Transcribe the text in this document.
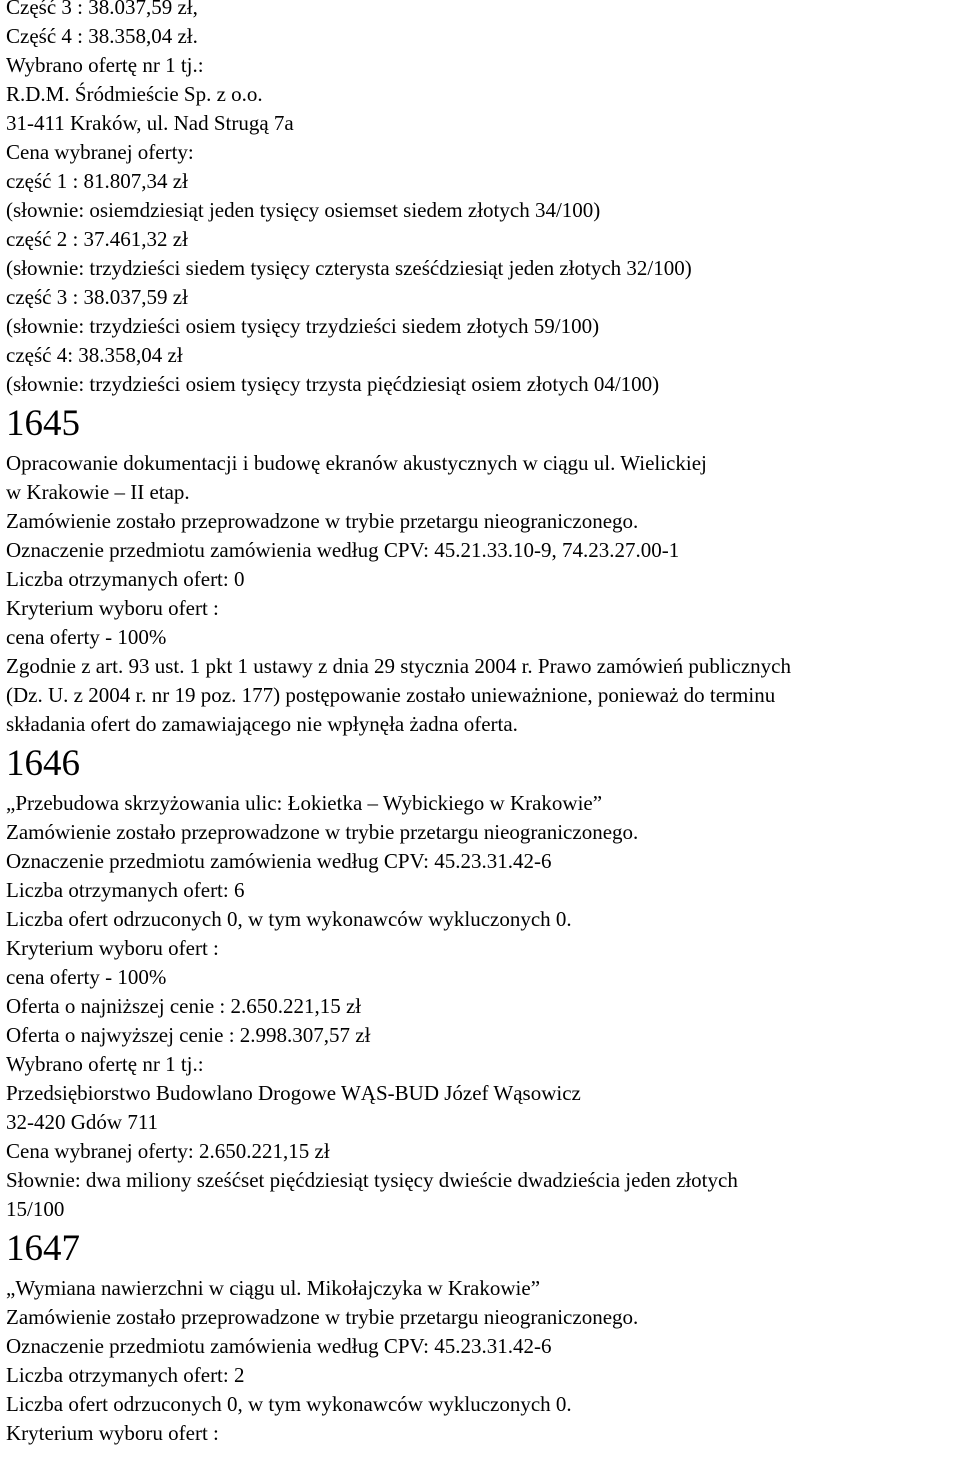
Część 3 : 38.037,59 zł,
Część 4 : 38.358,04 zł.
Wybrano ofertę nr 1 tj.:
R.D.M. Śródmieście Sp. z o.o.
31-411 Kraków, ul. Nad Strugą 7a
Cena wybranej oferty:
część 1 : 81.807,34 zł
(słownie: osiemdziesiąt jeden tysięcy osiemset siedem złotych 34/100)
część 2 : 37.461,32 zł
(słownie: trzydzieści siedem tysięcy czterysta sześćdziesiąt jeden złotych 32/100)
część 3 : 38.037,59 zł
(słownie: trzydzieści osiem tysięcy trzydzieści siedem złotych 59/100)
część 4: 38.358,04 zł
(słownie: trzydzieści osiem tysięcy trzysta pięćdziesiąt osiem złotych 04/100)
1645
Opracowanie dokumentacji i budowę ekranów akustycznych w ciągu ul. Wielickiej
w Krakowie – II etap.
Zamówienie zostało przeprowadzone w trybie przetargu nieograniczonego.
Oznaczenie przedmiotu zamówienia według CPV: 45.21.33.10-9, 74.23.27.00-1
Liczba otrzymanych ofert: 0
Kryterium wyboru ofert :
cena oferty - 100%
Zgodnie z art. 93 ust. 1 pkt 1 ustawy z dnia 29 stycznia 2004 r. Prawo zamówień publicznych
(Dz. U. z 2004 r. nr 19 poz. 177) postępowanie zostało unieważnione, ponieważ do terminu
składania ofert do zamawiającego nie wpłynęła żadna oferta.
1646
„Przebudowa skrzyżowania ulic: Łokietka – Wybickiego w Krakowie”
Zamówienie zostało przeprowadzone w trybie przetargu nieograniczonego.
Oznaczenie przedmiotu zamówienia według CPV: 45.23.31.42-6
Liczba otrzymanych ofert: 6
Liczba ofert odrzuconych 0, w tym wykonawców wykluczonych 0.
Kryterium wyboru ofert :
cena oferty - 100%
Oferta o najniższej cenie : 2.650.221,15 zł
Oferta o najwyższej cenie : 2.998.307,57 zł
Wybrano ofertę nr 1 tj.:
Przedsiębiorstwo Budowlano Drogowe WĄS-BUD Józef Wąsowicz
32-420 Gdów 711
Cena wybranej oferty: 2.650.221,15 zł
Słownie: dwa miliony sześćset pięćdziesiąt tysięcy dwieście dwadzieścia jeden złotych
15/100
1647
„Wymiana nawierzchni w ciągu ul. Mikołajczyka w Krakowie”
Zamówienie zostało przeprowadzone w trybie przetargu nieograniczonego.
Oznaczenie przedmiotu zamówienia według CPV: 45.23.31.42-6
Liczba otrzymanych ofert: 2
Liczba ofert odrzuconych 0, w tym wykonawców wykluczonych 0.
Kryterium wyboru ofert :
